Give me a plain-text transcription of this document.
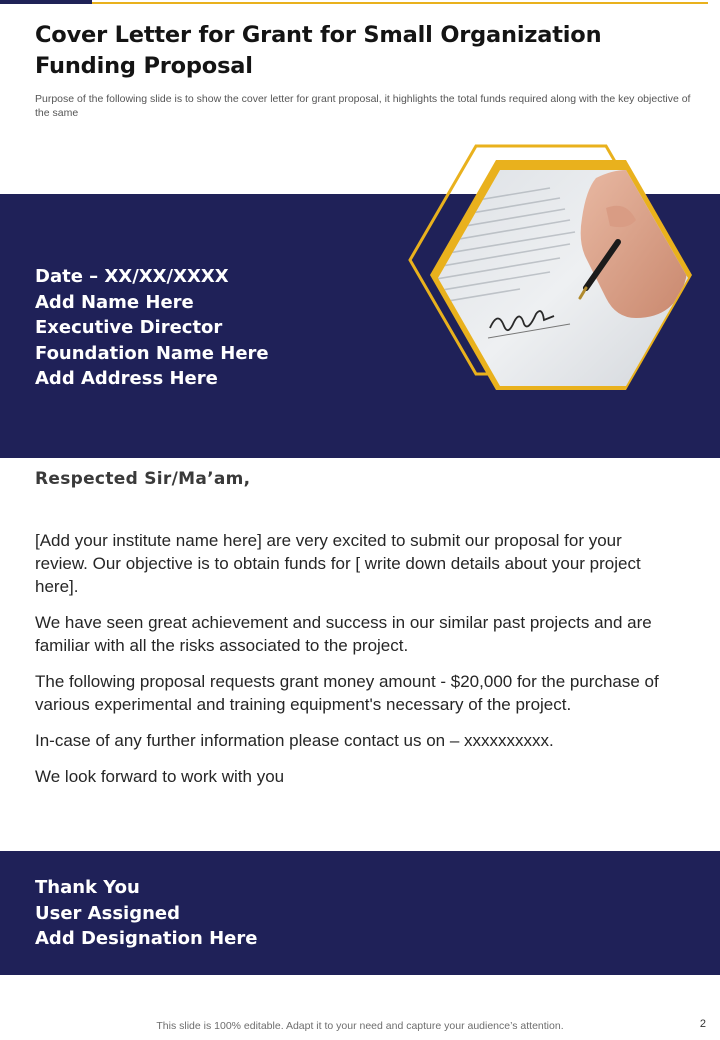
Cover Letter for Grant for Small Organization Funding Proposal
Purpose of the following slide is to show the cover letter for grant proposal, it highlights the total funds required along with the key objective of the same
Date – XX/XX/XXXX
Add Name Here
Executive Director
Foundation Name Here
Add Address Here
Respected Sir/Ma’am,

[Add your institute name here] are very excited to submit our proposal for your review. Our objective is to obtain funds for [ write down details about your project here].

We have seen great achievement and success in our similar past projects and are familiar with all the risks associated to the project.

The following proposal requests grant money amount - $20,000 for the purchase of various experimental and training equipment's necessary of the project.

In-case of any further information please contact us on – xxxxxxxxxx.

We look forward to work with you

Thank You
User Assigned
Add Designation Here
This slide is 100% editable. Adapt it to your need and capture your audience’s attention.	2
